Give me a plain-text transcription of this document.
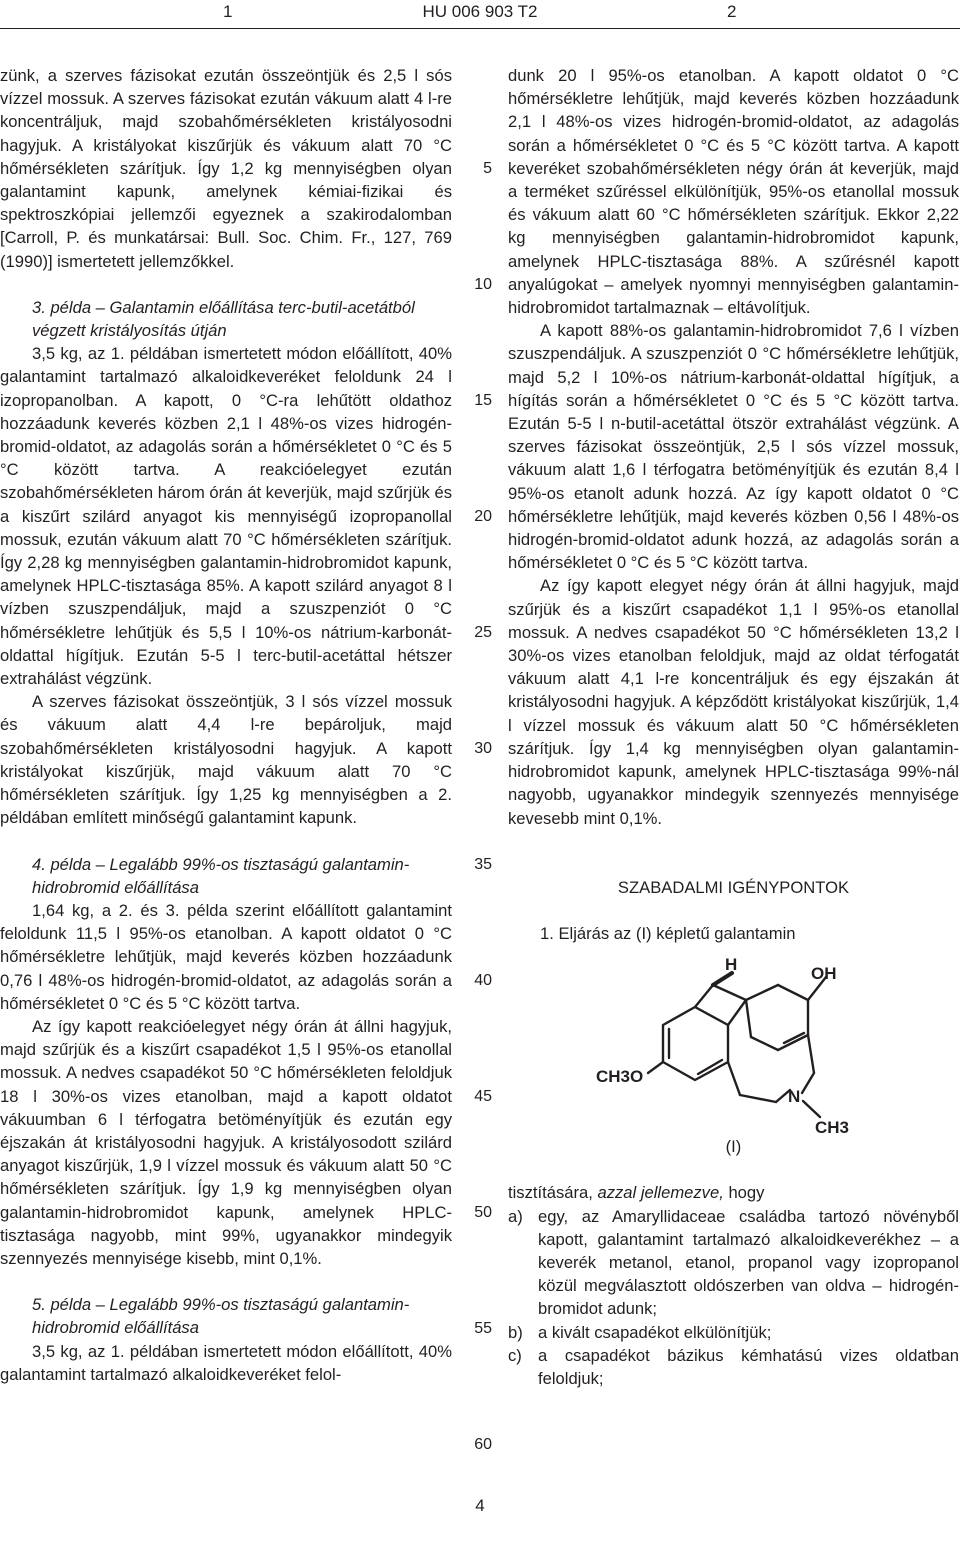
1	HU 006 903 T2	2

zünk, a szerves fázisokat ezután összeöntjük és 2,5 l sós vízzel mossuk. A szerves fázisokat ezután vákuum alatt 4 l-re koncentráljuk, majd szobahőmérsékleten kristályosodni hagyjuk. A kristályokat kiszűrjük és vákuum alatt 70 °C hőmérsékleten szárítjuk. Így 1,2 kg mennyiségben olyan galantamint kapunk, amelynek kémiai-fizikai és spektroszkópiai jellemzői egyeznek a szakirodalomban [Carroll, P. és munkatársai: Bull. Soc. Chim. Fr., 127, 769 (1990)] ismertetett jellemzőkkel.

3. példa – Galantamin előállítása terc-butil-acetátból végzett kristályosítás útján

3,5 kg, az 1. példában ismertetett módon előállított, 40% galantamint tartalmazó alkaloidkeveréket feloldunk 24 l izopropanolban. A kapott, 0 °C-ra lehűtött oldathoz hozzáadunk keverés közben 2,1 l 48%-os vizes hidrogén-bromid-oldatot, az adagolás során a hőmérsékletet 0 °C és 5 °C között tartva. A reakcióelegyet ezután szobahőmérsékleten három órán át keverjük, majd szűrjük és a kiszűrt szilárd anyagot kis mennyiségű izopropanollal mossuk, ezután vákuum alatt 70 °C hőmérsékleten szárítjuk. Így 2,28 kg mennyiségben galantamin-hidrobromidot kapunk, amelynek HPLC-tisztasága 85%. A kapott szilárd anyagot 8 l vízben szuszpendáljuk, majd a szuszpenziót 0 °C hőmérsékletre lehűtjük és 5,5 l 10%-os nátrium-karbonát-oldattal hígítjuk. Ezután 5-5 l terc-butil-acetáttal hétszer extrahálást végzünk.

A szerves fázisokat összeöntjük, 3 l sós vízzel mossuk és vákuum alatt 4,4 l-re bepároljuk, majd szobahőmérsékleten kristályosodni hagyjuk. A kapott kristályokat kiszűrjük, majd vákuum alatt 70 °C hőmérsékleten szárítjuk. Így 1,25 kg mennyiségben a 2. példában említett minőségű galantamint kapunk.

4. példa – Legalább 99%-os tisztaságú galantamin-hidrobromid előállítása

1,64 kg, a 2. és 3. példa szerint előállított galantamint feloldunk 11,5 l 95%-os etanolban. A kapott oldatot 0 °C hőmérsékletre lehűtjük, majd keverés közben hozzáadunk 0,76 l 48%-os hidrogén-bromid-oldatot, az adagolás során a hőmérsékletet 0 °C és 5 °C között tartva.

Az így kapott reakcióelegyet négy órán át állni hagyjuk, majd szűrjük és a kiszűrt csapadékot 1,5 l 95%-os etanollal mossuk. A nedves csapadékot 50 °C hőmérsékleten feloldjuk 18 l 30%-os vizes etanolban, majd a kapott oldatot vákuumban 6 l térfogatra betöményítjük és ezután egy éjszakán át kristályosodni hagyjuk. A kristályosodott szilárd anyagot kiszűrjük, 1,9 l vízzel mossuk és vákuum alatt 50 °C hőmérsékleten szárítjuk. Így 1,9 kg mennyiségben olyan galantamin-hidrobromidot kapunk, amelynek HPLC-tisztasága nagyobb, mint 99%, ugyanakkor mindegyik szennyezés mennyisége kisebb, mint 0,1%.

5. példa – Legalább 99%-os tisztaságú galantamin-hidrobromid előállítása

3,5 kg, az 1. példában ismertetett módon előállított, 40% galantamint tartalmazó alkaloidkeveréket felol-

5
10
15
20
25
30
35
40
45
50
55
60

dunk 20 l 95%-os etanolban. A kapott oldatot 0 °C hőmérsékletre lehűtjük, majd keverés közben hozzáadunk 2,1 l 48%-os vizes hidrogén-bromid-oldatot, az adagolás során a hőmérsékletet 0 °C és 5 °C között tartva. A kapott keveréket szobahőmérsékleten négy órán át keverjük, majd a terméket szűréssel elkülönítjük, 95%-os etanollal mossuk és vákuum alatt 60 °C hőmérsékleten szárítjuk. Ekkor 2,22 kg mennyiségben galantamin-hidrobromidot kapunk, amelynek HPLC-tisztasága 88%. A szűrésnél kapott anyalúgokat – amelyek nyomnyi mennyiségben galantamin-hidrobromidot tartalmaznak – eltávolítjuk.

A kapott 88%-os galantamin-hidrobromidot 7,6 l vízben szuszpendáljuk. A szuszpenziót 0 °C hőmérsékletre lehűtjük, majd 5,2 l 10%-os nátrium-karbonát-oldattal hígítjuk, a hígítás során a hőmérsékletet 0 °C és 5 °C között tartva. Ezután 5-5 l n-butil-acetáttal ötször extrahálást végzünk. A szerves fázisokat összeöntjük, 2,5 l sós vízzel mossuk, vákuum alatt 1,6 l térfogatra betöményítjük és ezután 8,4 l 95%-os etanolt adunk hozzá. Az így kapott oldatot 0 °C hőmérsékletre lehűtjük, majd keverés közben 0,56 l 48%-os hidrogén-bromid-oldatot adunk hozzá, az adagolás során a hőmérsékletet 0 °C és 5 °C között tartva.

Az így kapott elegyet négy órán át állni hagyjuk, majd szűrjük és a kiszűrt csapadékot 1,1 l 95%-os etanollal mossuk. A nedves csapadékot 50 °C hőmérsékleten 13,2 l 30%-os vizes etanolban feloldjuk, majd az oldat térfogatát vákuum alatt 4,1 l-re koncentráljuk és egy éjszakán át kristályosodni hagyjuk. A képződött kristályokat kiszűrjük, 1,4 l vízzel mossuk és vákuum alatt 50 °C hőmérsékleten szárítjuk. Így 1,4 kg mennyiségben olyan galantamin-hidrobromidot kapunk, amelynek HPLC-tisztasága 99%-nál nagyobb, ugyanakkor mindegyik szennyezés mennyisége kevesebb mint 0,1%.

SZABADALMI IGÉNYPONTOK

1. Eljárás az (I) képletű galantamin

OH
H
CH3O
N
CH3

(I)

tisztítására, azzal jellemezve, hogy

a) egy, az Amaryllidaceae családba tartozó növényből kapott, galantamint tartalmazó alkaloidkeverékhez – a keverék metanol, etanol, propanol vagy izopropanol közül megválasztott oldószerben van oldva – hidrogén-bromidot adunk;
b) a kivált csapadékot elkülönítjük;
c) a csapadékot bázikus kémhatású vizes oldatban feloldjuk;
4
